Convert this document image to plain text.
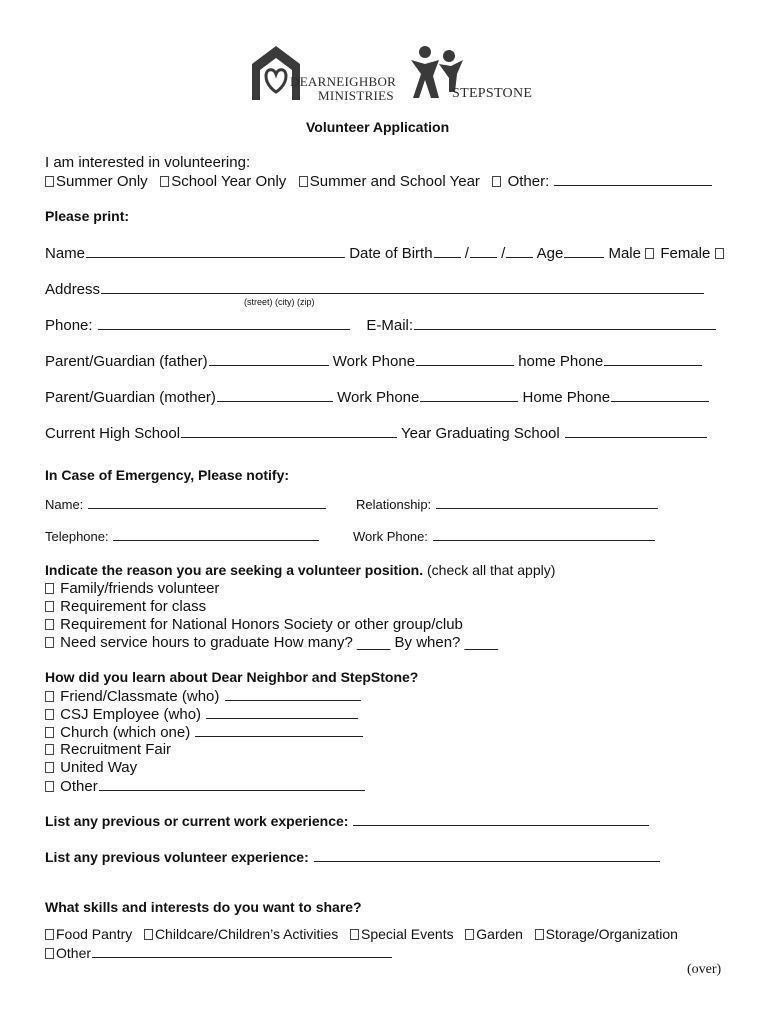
DEARNEIGHBOR
MINISTRIES	STEPSTONE
Volunteer Application
I am interested in volunteering:
Summer Only School Year Only Summer and School Year Other:
Please print:
Name	Date of Birth / / Age	Male Female
Address
(street) (city) (zip)
Phone:	E-Mail:
Parent/Guardian (father)	Work Phone	home Phone
Parent/Guardian (mother)	Work Phone	Home Phone
Current High School	Year Graduating School
In Case of Emergency, Please notify:
Name:	Relationship:
Telephone:	Work Phone:
Indicate the reason you are seeking a volunteer position. (check all that apply)
Family/friends volunteer
Requirement for class
Requirement for National Honors Society or other group/club
Need service hours to graduate How many? ____ By when? ____
How did you learn about Dear Neighbor and StepStone?
Friend/Classmate (who)
CSJ Employee (who)
Church (which one)
Recruitment Fair
United Way
Other
List any previous or current work experience:
List any previous volunteer experience:
What skills and interests do you want to share?
Food Pantry Childcare/Children’s Activities Special Events Garden Storage/Organization
Other
(over)
